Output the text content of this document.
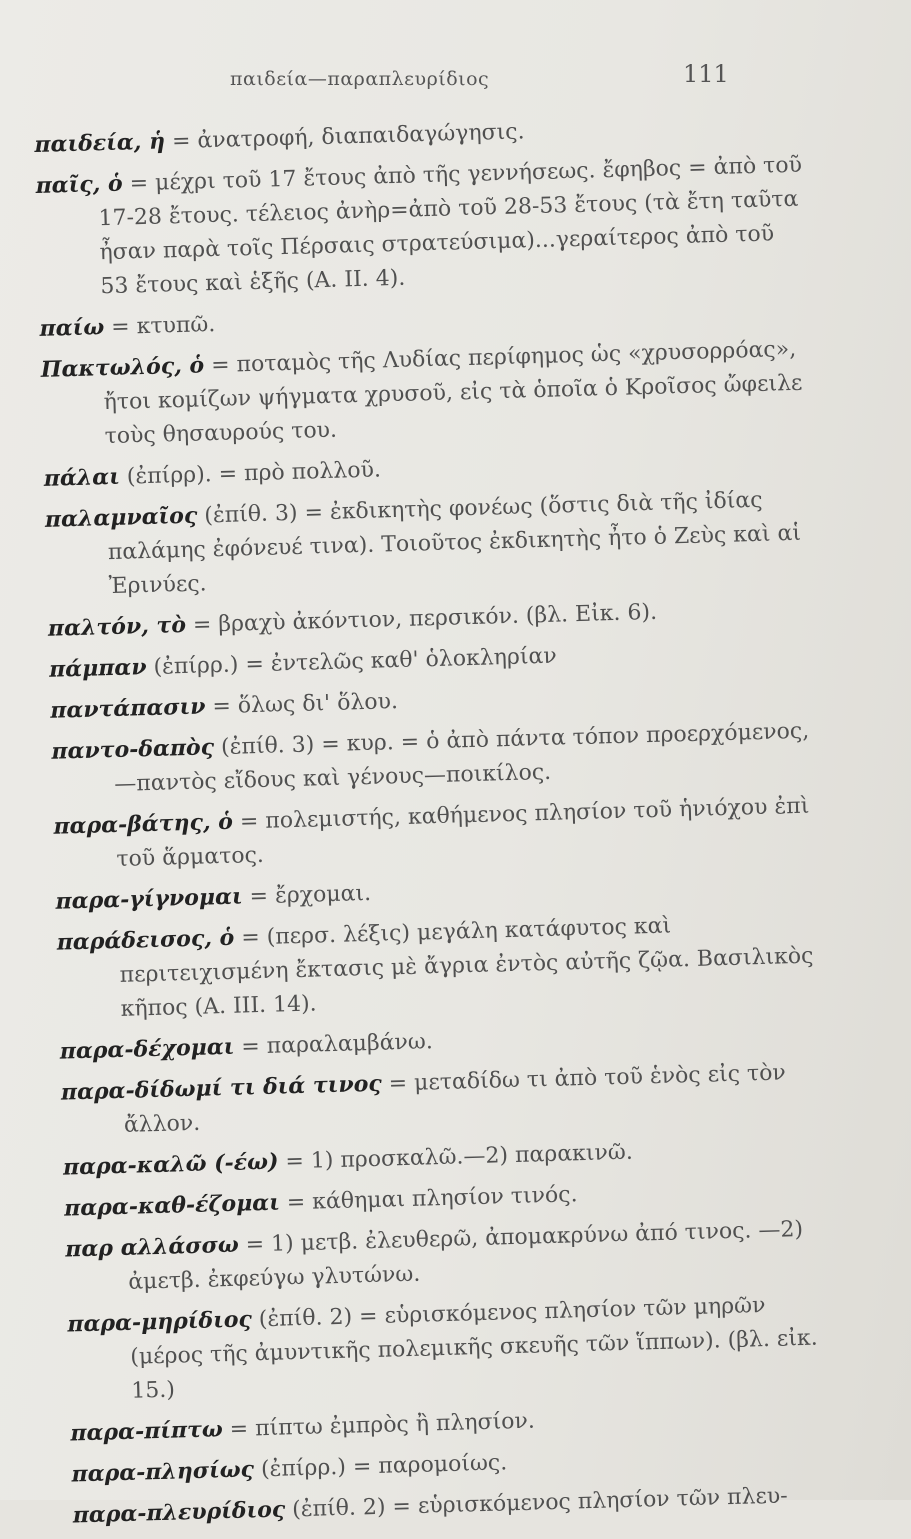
παιδεία—παραπλευρίδιος	111
παιδεία, ἡ = ἀνατροφή, διαπαιδαγώγησις.
παῖς, ὁ = μέχρι τοῦ 17 ἔτους ἀπὸ τῆς γεννήσεως. ἔφηβος = ἀπὸ τοῦ 17-28 ἔτους. τέλειος ἀνὴρ=ἀπὸ τοῦ 28-53 ἔτους (τὰ ἔτη ταῦτα ἦσαν παρὰ τοῖς Πέρσαις στρατεύσιμα)...γεραίτερος ἀπὸ τοῦ 53 ἔτους καὶ ἑξῆς (Α. ΙΙ. 4).
παίω = κτυπῶ.
Πακτωλός, ὁ = ποταμὸς τῆς Λυδίας περίφημος ὡς «χρυσορρόας», ἤτοι κομίζων ψήγματα χρυσοῦ, εἰς τὰ ὁποῖα ὁ Κροῖσος ὤφειλε τοὺς θησαυρούς του.
πάλαι (ἐπίρρ). = πρὸ πολλοῦ.
παλαμναῖος (ἐπίθ. 3) = ἐκδικητὴς φονέως (ὅστις διὰ τῆς ἰδίας παλάμης ἐφόνευέ τινα). Τοιοῦτος ἐκδικητὴς ἦτο ὁ Ζεὺς καὶ αἱ Ἐρινύες.
παλτόν, τὸ = βραχὺ ἀκόντιον, περσικόν. (βλ. Εἰκ. 6).
πάμπαν (ἐπίρρ.) = ἐντελῶς καθ' ὁλοκληρίαν
παντάπασιν = ὅλως δι' ὅλου.
παντο-δαπὸς (ἐπίθ. 3) = κυρ. = ὁ ἀπὸ πάντα τόπον προερχόμενος,—παντὸς εἴδους καὶ γένους—ποικίλος.
παρα-βάτης, ὁ = πολεμιστής, καθήμενος πλησίον τοῦ ἡνιόχου ἐπὶ τοῦ ἅρματος.
παρα-γίγνομαι = ἔρχομαι.
παράδεισος, ὁ = (περσ. λέξις) μεγάλη κατάφυτος καὶ περιτειχισμένη ἔκτασις μὲ ἄγρια ἐντὸς αὐτῆς ζῷα. Βασιλικὸς κῆπος (Α. ΙΙΙ. 14).
παρα-δέχομαι = παραλαμβάνω.
παρα-δίδωμί τι διά τινος = μεταδίδω τι ἀπὸ τοῦ ἑνὸς εἰς τὸν ἄλλον.
παρα-καλῶ (-έω) = 1) προσκαλῶ.—2) παρακινῶ.
παρα-καθ-έζομαι = κάθημαι πλησίον τινός.
παρ αλλάσσω = 1) μετβ. ἐλευθερῶ, ἀπομακρύνω ἀπό τινος. —2) ἀμετβ. ἐκφεύγω γλυτώνω.
παρα-μηρίδιος (ἐπίθ. 2) = εὑρισκόμενος πλησίον τῶν μηρῶν (μέρος τῆς ἀμυντικῆς πολεμικῆς σκευῆς τῶν ἵππων). (βλ. εἰκ. 15.)
παρα-πίπτω = πίπτω ἐμπρὸς ἢ πλησίον.
παρα-πλησίως (ἐπίρρ.) = παρομοίως.
παρα-πλευρίδιος (ἐπίθ. 2) = εὑρισκόμενος πλησίον τῶν πλευ-
